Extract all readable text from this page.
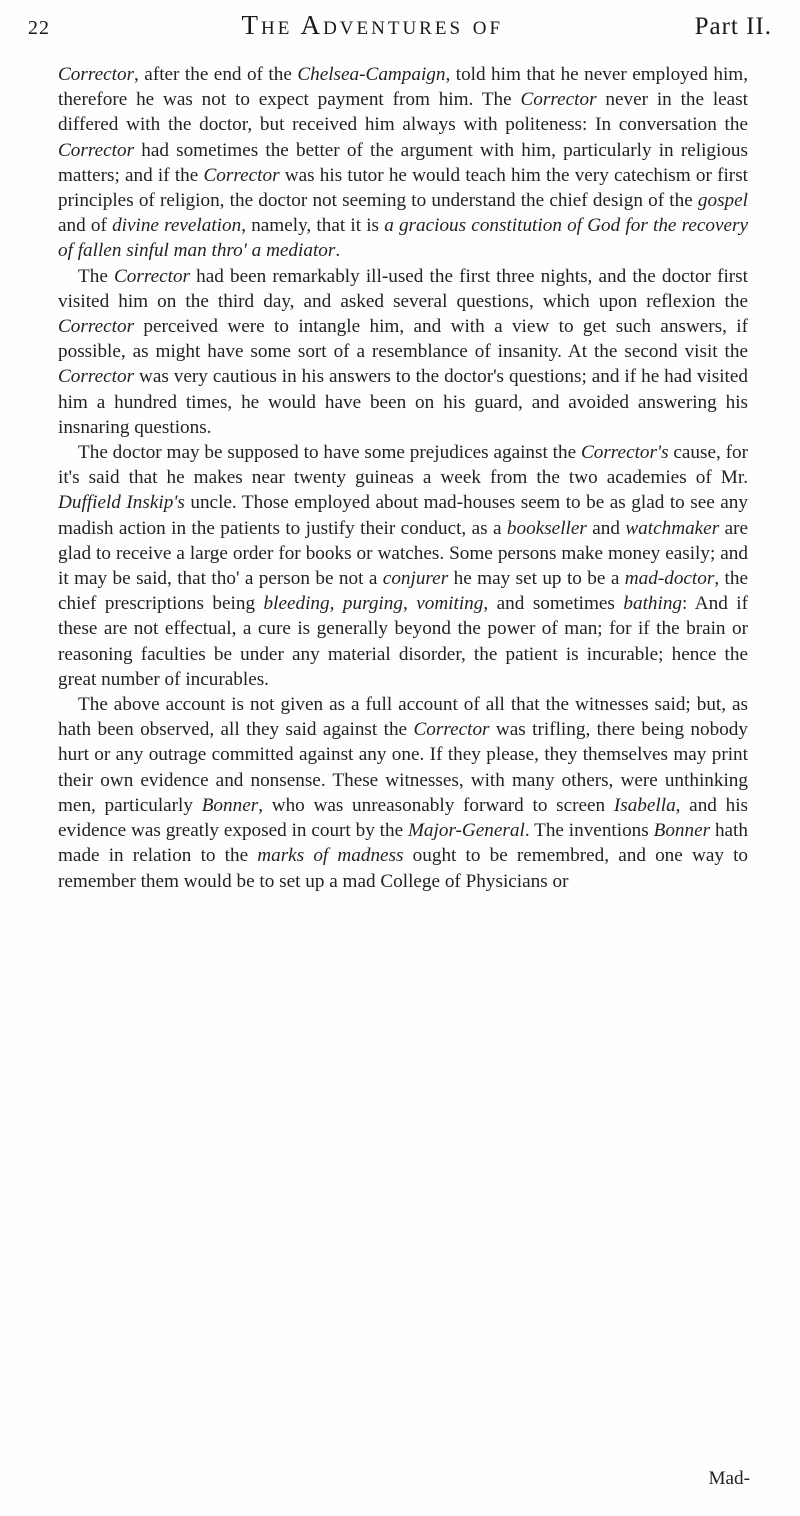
22	The Adventures of	Part II.

Corrector, after the end of the Chelsea-Campaign, told him that he never employed him, therefore he was not to expect payment from him. The Corrector never in the least differed with the doctor, but received him always with politeness: In conversation the Corrector had sometimes the better of the argument with him, particularly in religious matters; and if the Corrector was his tutor he would teach him the very catechism or first principles of religion, the doctor not seeming to understand the chief design of the gospel and of divine revelation, namely, that it is a gracious constitution of God for the recovery of fallen sinful man thro' a mediator.

The Corrector had been remarkably ill-used the first three nights, and the doctor first visited him on the third day, and asked several questions, which upon reflexion the Corrector perceived were to intangle him, and with a view to get such answers, if possible, as might have some sort of a resemblance of insanity. At the second visit the Corrector was very cautious in his answers to the doctor's questions; and if he had visited him a hundred times, he would have been on his guard, and avoided answering his insnaring questions.

The doctor may be supposed to have some prejudices against the Corrector's cause, for it's said that he makes near twenty guineas a week from the two academies of Mr. Duffield Inskip's uncle. Those employed about mad-houses seem to be as glad to see any madish action in the patients to justify their conduct, as a bookseller and watchmaker are glad to receive a large order for books or watches. Some persons make money easily; and it may be said, that tho' a person be not a conjurer he may set up to be a mad-doctor, the chief prescriptions being bleeding, purging, vomiting, and sometimes bathing: And if these are not effectual, a cure is generally beyond the power of man; for if the brain or reasoning faculties be under any material disorder, the patient is incurable; hence the great number of incurables.

The above account is not given as a full account of all that the witnesses said; but, as hath been observed, all they said against the Corrector was trifling, there being nobody hurt or any outrage committed against any one. If they please, they themselves may print their own evidence and nonsense. These witnesses, with many others, were unthinking men, particularly Bonner, who was unreasonably forward to screen Isabella, and his evidence was greatly exposed in court by the Major-General. The inventions Bonner hath made in relation to the marks of madness ought to be remembred, and one way to remember them would be to set up a mad College of Physicians or

Mad-
